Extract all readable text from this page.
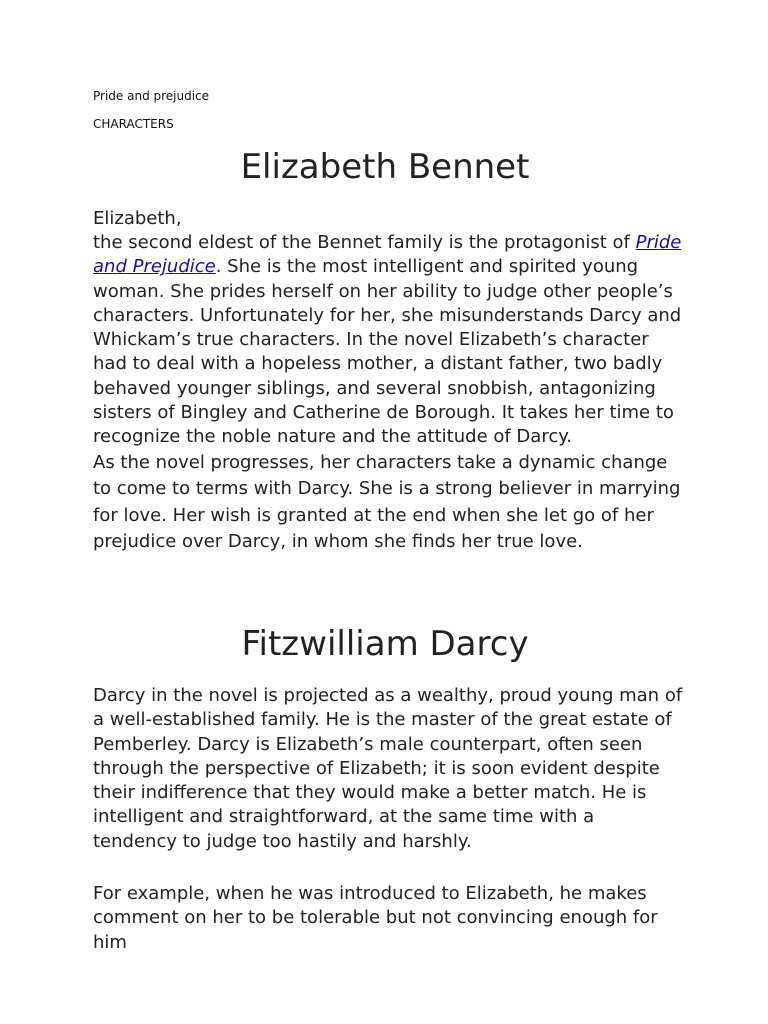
Pride and prejudice
CHARACTERS
Elizabeth Bennet

Elizabeth,

the second eldest of the Bennet family is the protagonist of Pride and Prejudice. She is the most intelligent and spirited young woman. She prides herself on her ability to judge other people’s characters. Unfortunately for her, she misunderstands Darcy and Whickam’s true characters. In the novel Elizabeth’s character had to deal with a hopeless mother, a distant father, two badly behaved younger siblings, and several snobbish, antagonizing sisters of Bingley and Catherine de Borough. It takes her time to recognize the noble nature and the attitude of Darcy.

As the novel progresses, her characters take a dynamic change to come to terms with Darcy. She is a strong believer in marrying for love. Her wish is granted at the end when she let go of her prejudice over Darcy, in whom she finds her true love.

Fitzwilliam Darcy

Darcy in the novel is projected as a wealthy, proud young man of a well-established family. He is the master of the great estate of Pemberley. Darcy is Elizabeth’s male counterpart, often seen through the perspective of Elizabeth; it is soon evident despite their indifference that they would make a better match. He is intelligent and straightforward, at the same time with a tendency to judge too hastily and harshly.

For example, when he was introduced to Elizabeth, he makes comment on her to be tolerable but not convincing enough for him
